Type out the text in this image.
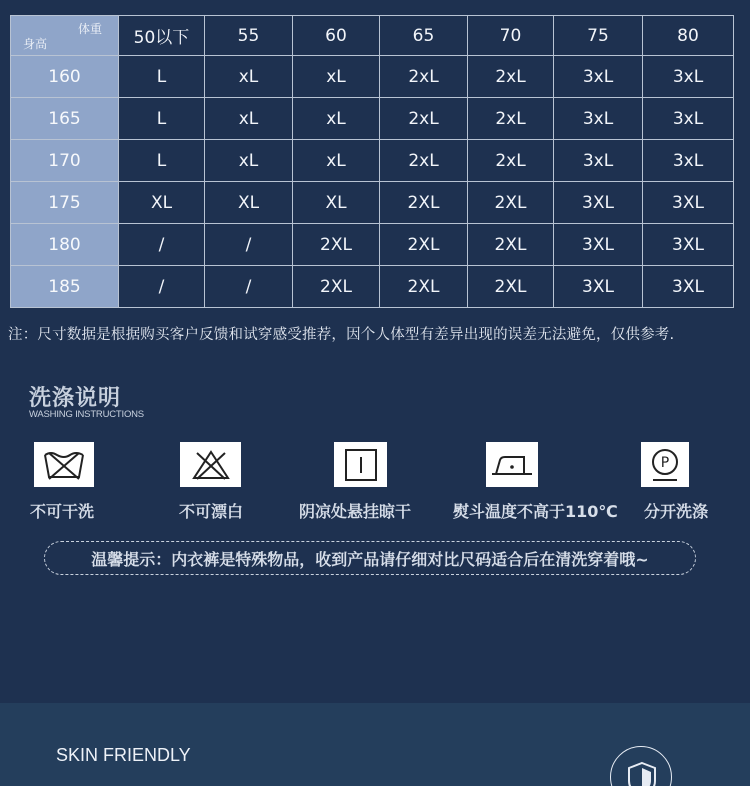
体重
身高	50以下	55	60	65	70	75	80
160	L	xL	xL	2xL	2xL	3xL	3xL
165	L	xL	xL	2xL	2xL	3xL	3xL
170	L	xL	xL	2xL	2xL	3xL	3xL
175	XL	XL	XL	2XL	2XL	3XL	3XL
180	/	/	2XL	2XL	2XL	3XL	3XL
185	/	/	2XL	2XL	2XL	3XL	3XL
注：尺寸数据是根据购买客户反馈和试穿感受推荐，因个人体型有差异出现的误差无法避免，仅供参考.
洗涤说明
WASHING INSTRUCTIONS
P
不可干洗	不可漂白	阴凉处悬挂晾干	熨斗温度不高于110℃ 分开洗涤
温馨提示：内衣裤是特殊物品，收到产品请仔细对比尺码适合后在清洗穿着哦~
SKIN FRIENDLY
